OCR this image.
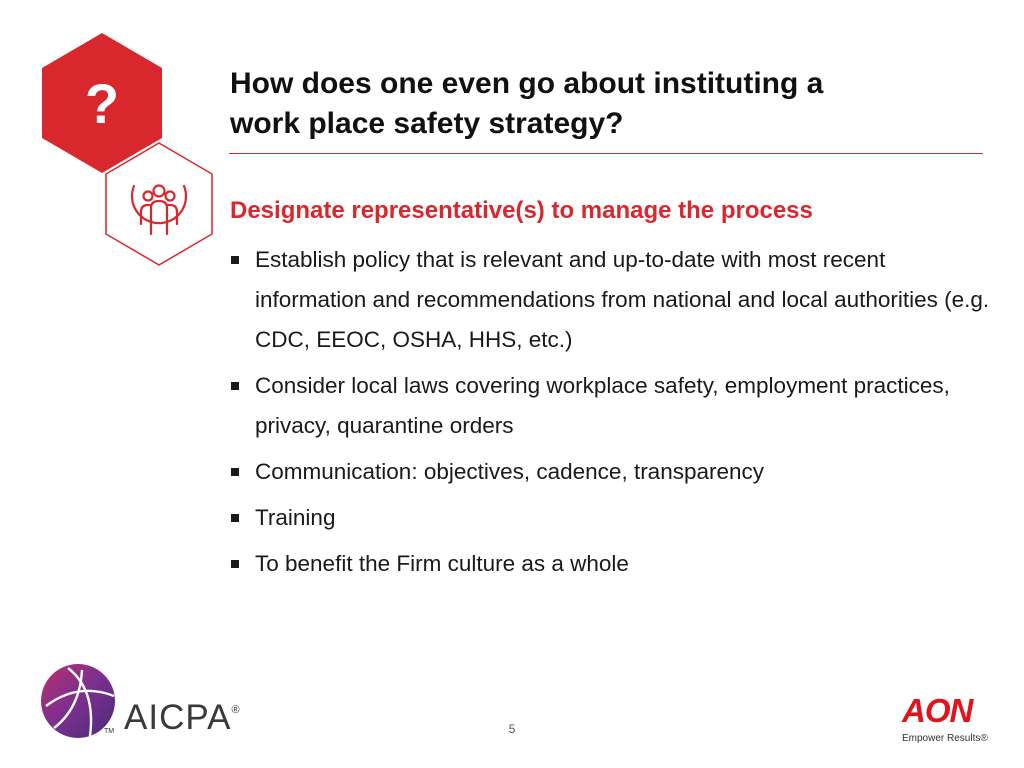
?	How does one even go about instituting a
work place safety strategy?
Designate representative(s) to manage the process
Establish policy that is relevant and up-to-date with most recent information and recommendations from national and local authorities (e.g. CDC, EEOC, OSHA, HHS, etc.)
Consider local laws covering workplace safety, employment practices, privacy, quarantine orders
Communication: objectives, cadence, transparency
Training
To benefit the Firm culture as a whole
AICPA®
TM	5	AON
Empower Results®
